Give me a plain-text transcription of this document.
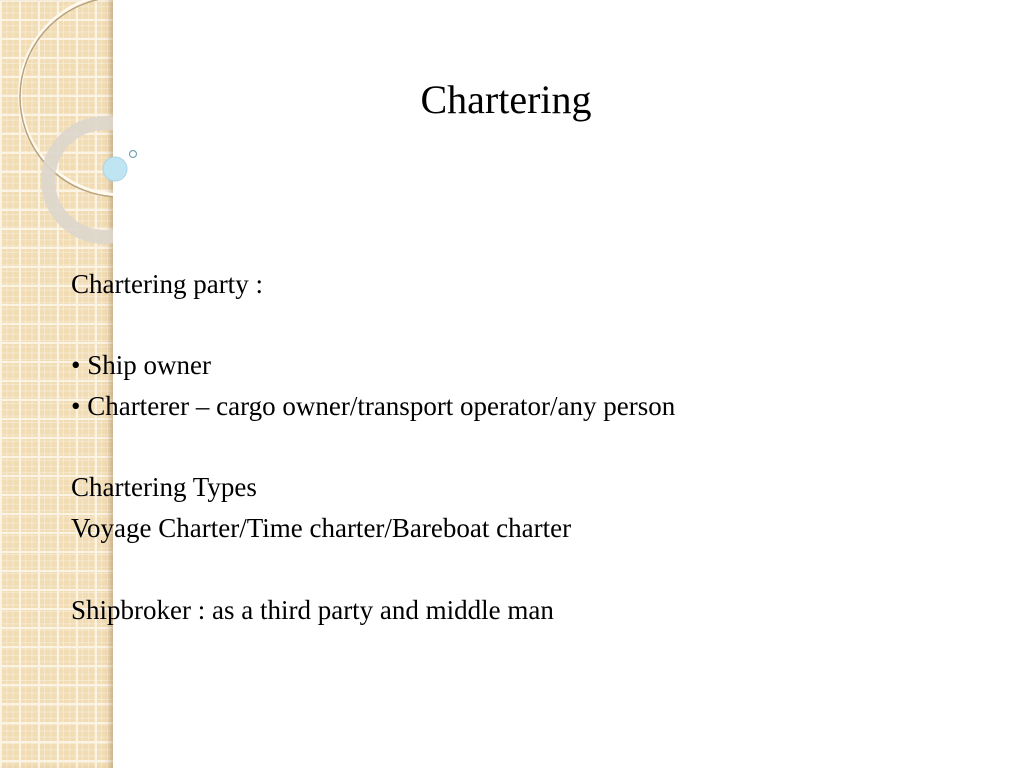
Chartering
Chartering party :
• Ship owner
• Charterer – cargo owner/transport operator/any person
Chartering Types
Voyage Charter/Time charter/Bareboat charter
Shipbroker : as a third party and middle man
